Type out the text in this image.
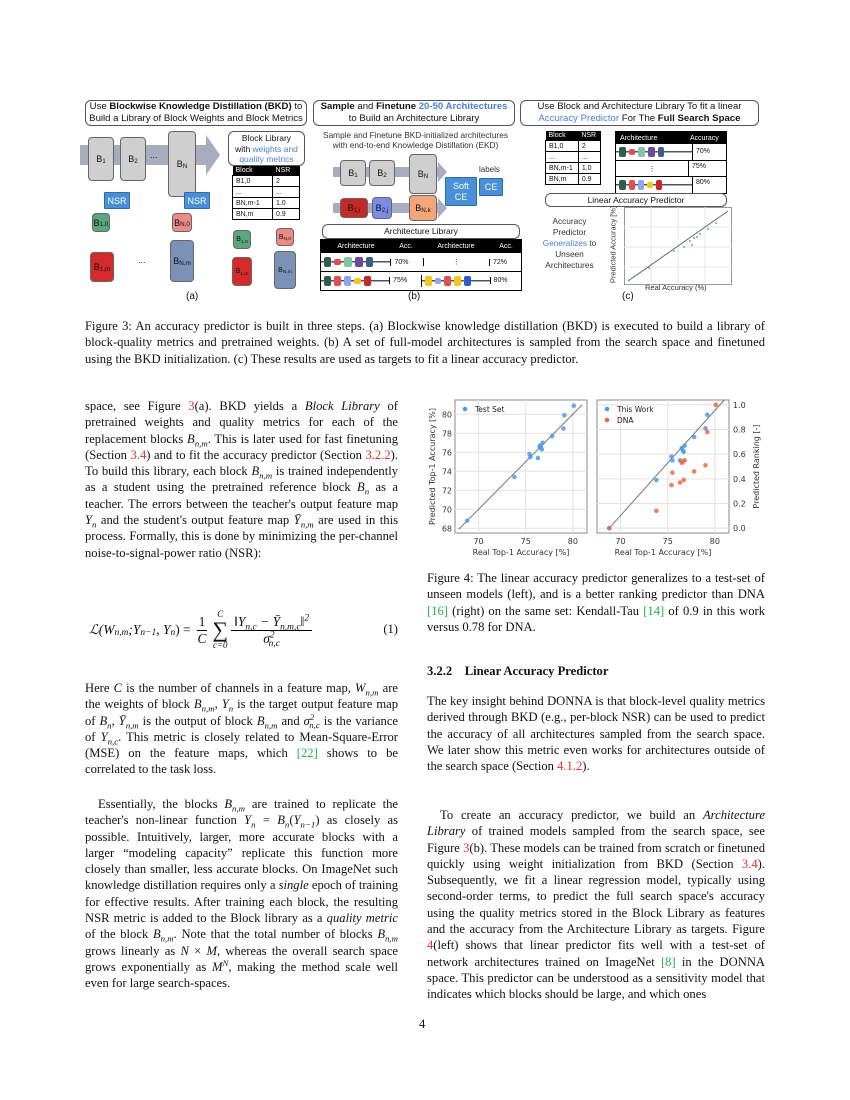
Use Blockwise Knowledge Distillation (BKD) to
Build a Library of Block Weights and Block Metrics
$B_1$ $B_2$
...
$B_N$
NSR	NSR
$B_{1,0}$	$B_{N,0}$
$B_{1,m}$
...	$B_{N,m}$
Block Library
with weights and quality metrics
Block	NSR
B1,0	2
...	...
BN,m-1	1.0
BN,m	0.9
$B_{1,0}$
$B_{1,m}$
$B_{N,0}$
$B_{N,m}$
(a)
Sample and Finetune 20-50 Architectures
to Build an Architecture Library
Sample and Finetune BKD-initialized architectures
with end-to-end Knowledge Distillation (EKD)
$B_1$ $B_2$	$B_N$
$B_{1,i}$ $B_{2,j}$	$B_{N,k}$
Soft CE
CE
labels
Architecture Library
Architecture	Acc.	Architecture	Acc.
70%	⋮	72%
75%	80%
(b)
Use Block and Architecture Library To fit a linear
Accuracy Predictor For The Full Search Space
Block	NSR
B1,0	2
...	...
BN,m-1	1.0
BN,m	0.9
Architecture	Accuracy
70%
⋮	75%
80%
Linear Accuracy Predictor
Accuracy
Predictor
Generalizes to
Unseen
Architectures	Predicted Accuracy [%]
Real Accuracy (%)
(c)
Figure 3: An accuracy predictor is built in three steps. (a) Blockwise knowledge distillation (BKD) is executed to build a library of block-quality metrics and pretrained weights. (b) A set of full-model architectures is sampled from the search space and finetuned using the BKD initialization. (c) These results are used as targets to fit a linear accuracy predictor.
space, see Figure 3(a). BKD yields a Block Library of pretrained weights and quality metrics for each of the replacement blocks $B_{n,m}$. This is later used for fast finetuning (Section 3.4) and to fit the accuracy predictor (Section 3.2.2). To build this library, each block $B_{n,m}$ is trained independently as a student using the pretrained reference block $B_n$ as a teacher. The errors between the teacher's output feature map $Y_n$ and the student's output feature map $Ȳ_{n,m}$ are used in this process. Formally, this is done by minimizing the per-channel noise-to-signal-power ratio (NSR):
$ℒ(W_{n,m}$ $;Y_{n-1}$ , $Y_n$ ) = $\frac{1}{C}$ C
∑
$c=0 \frac{‖Y_{n,c} - Ȳ_{n,m,c}‖^2}{\sigma^2_{n,c}}$	(1)
Here C is the number of channels in a feature map, $W_{n,m}$ are the weights of block $B_{n,m}$, $Y_n$ is the target output feature map of $B_n$, $Ȳ_{n,m}$ is the output of block $B_{n,m}$ and $\sigma^2_{n,c}$ is the variance of $Y_{n,c}$. This metric is closely related to Mean-Square-Error (MSE) on the feature maps, which [22] shows to be correlated to the task loss.
Essentially, the blocks $B_{n,m}$ are trained to replicate the teacher's non-linear function $Y_n = B_n(Y_{n-1})$ as closely as possible. Intuitively, larger, more accurate blocks with a larger “modeling capacity” replicate this function more closely than smaller, less accurate blocks. On ImageNet such knowledge distillation requires only a single epoch of training for effective results. After training each block, the resulting NSR metric is added to the Block library as a quality metric of the block $B_{n,m}$. Note that the total number of blocks $B_{n,m}$ grows linearly as N × M, whereas the overall search space grows exponentially as $M^N$, making the method scale well even for large search-spaces.
70	75	80
68
70
72
74
76
78
80
Test Set
Real Top-1 Accuracy [%]
Predicted Top-1 Accuracy [%]
70	75	80
0.0
0.2
0.4
0.6
0.8
1.0
This Work
DNA
Real Top-1 Accuracy [%]
Predicted Ranking [-]
Figure 4: The linear accuracy predictor generalizes to a test-set of unseen models (left), and is a better ranking predictor than DNA [16] (right) on the same set: Kendall-Tau [14] of 0.9 in this work versus 0.78 for DNA.
3.2.2 Linear Accuracy Predictor
The key insight behind DONNA is that block-level quality metrics derived through BKD (e.g., per-block NSR) can be used to predict the accuracy of all architectures sampled from the search space. We later show this metric even works for architectures outside of the search space (Section 4.1.2).
To create an accuracy predictor, we build an Architecture Library of trained models sampled from the search space, see Figure 3(b). These models can be trained from scratch or finetuned quickly using weight initialization from BKD (Section 3.4). Subsequently, we fit a linear regression model, typically using second-order terms, to predict the full search space's accuracy using the quality metrics stored in the Block Library as features and the accuracy from the Architecture Library as targets. Figure 4(left) shows that linear predictor fits well with a test-set of network architectures trained on ImageNet [8] in the DONNA space. This predictor can be understood as a sensitivity model that indicates which blocks should be large, and which ones
4
